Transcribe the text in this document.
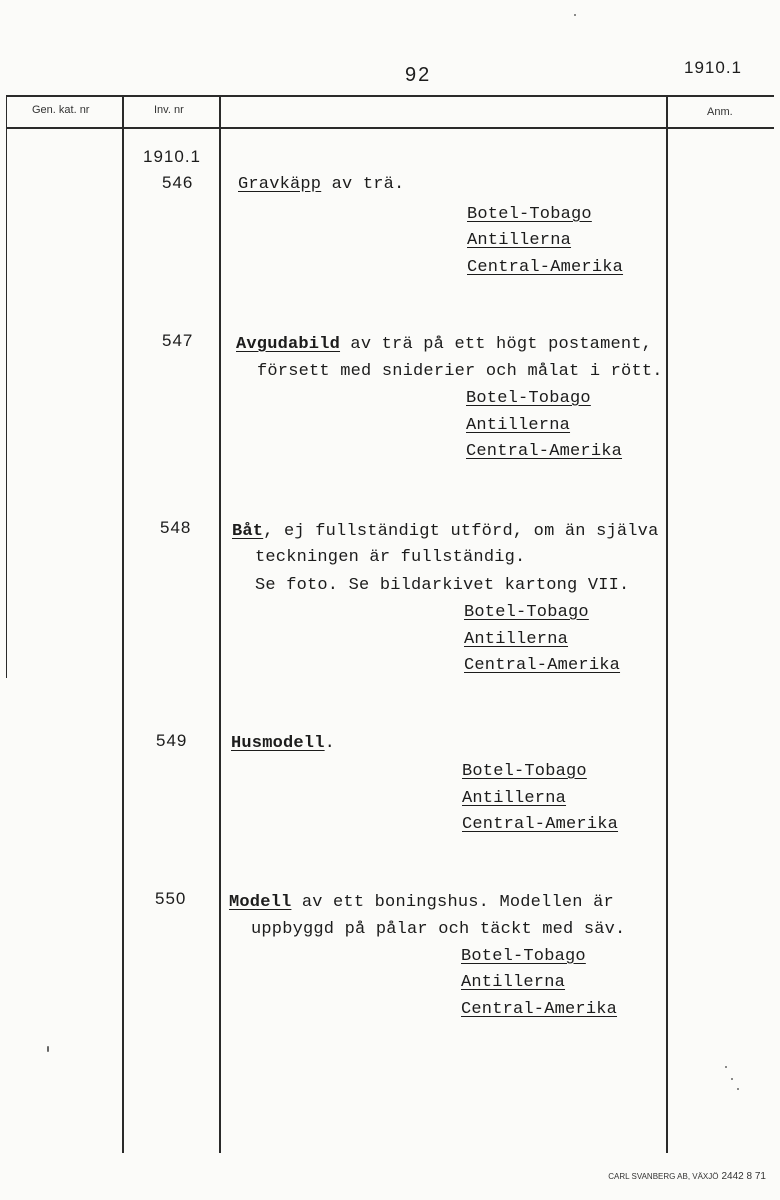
92	1910.1
Gen. kat. nr	Inv. nr	Anm.
1910.1
546	Gravkäpp av trä.
Botel-Tobago
Antillerna
Central-Amerika
547	Avgudabild av trä på ett högt postament,
försett med sniderier och målat i rött.
Botel-Tobago
Antillerna
Central-Amerika
548 Båt, ej fullständigt utförd, om än själva
teckningen är fullständig.
Se foto. Se bildarkivet kartong VII.
Botel-Tobago
Antillerna
Central-Amerika
549	Husmodell.
Botel-Tobago
Antillerna
Central-Amerika
550	Modell av ett boningshus. Modellen är
uppbyggd på pålar och täckt med säv.
Botel-Tobago
Antillerna
Central-Amerika
CARL SVANBERG AB, VÄXJÖ 2442 8 71
